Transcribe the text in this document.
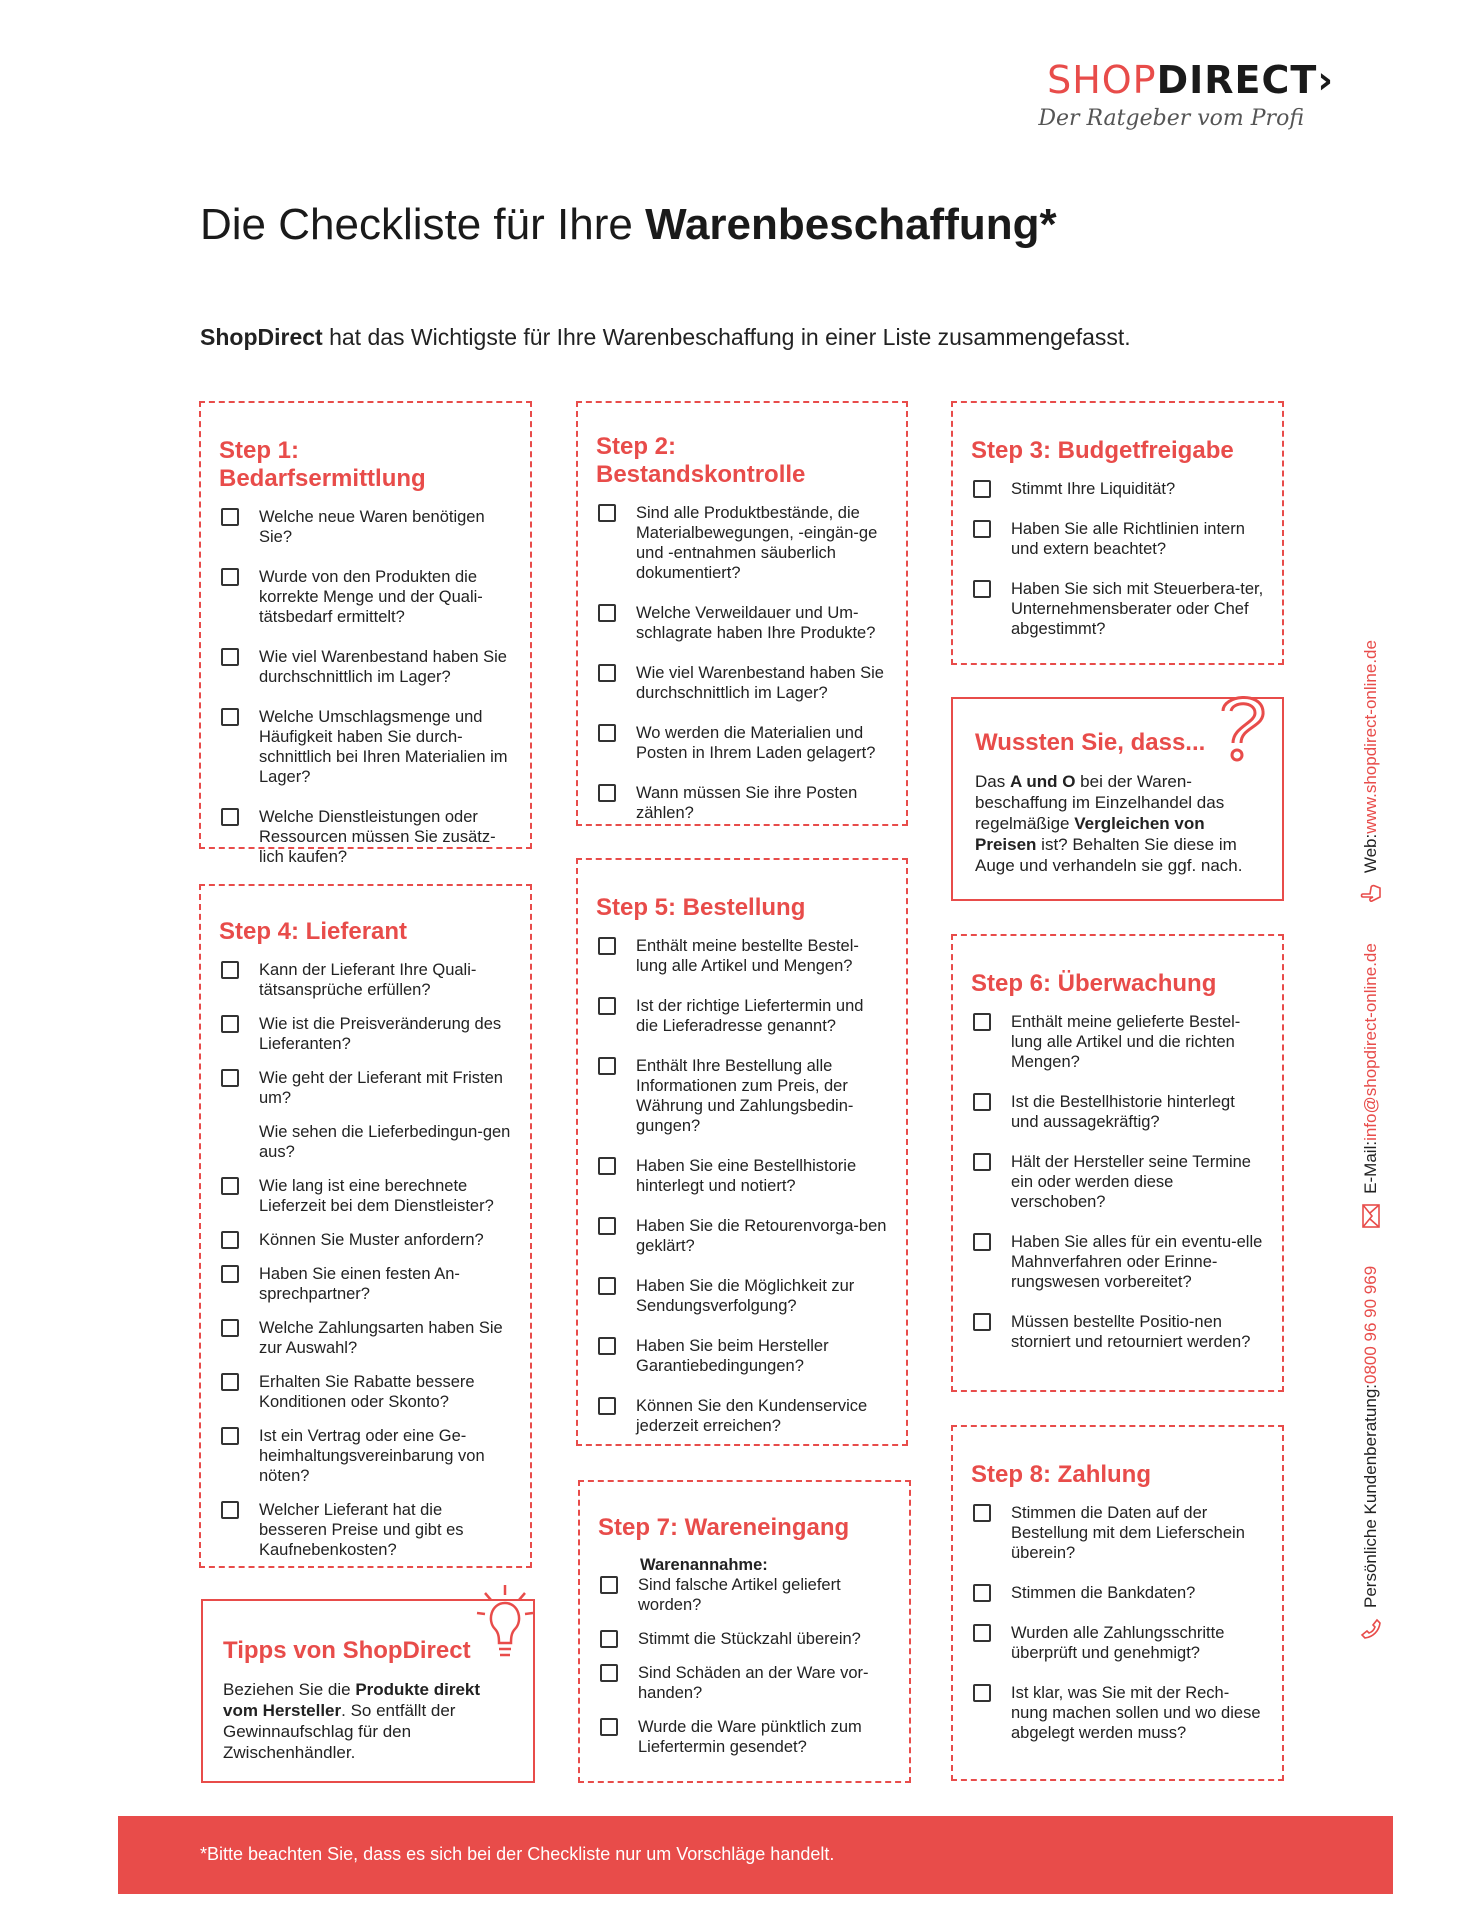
SHOPDIRECT›
Der Ratgeber vom Profi
Die Checkliste für Ihre Warenbeschaffung*
ShopDirect hat das Wichtigste für Ihre Warenbeschaffung in einer Liste zusammengefasst.
Step 1: Bedarfsermittlung
Welche neue Waren benötigen Sie?
Wurde von den Produkten die korrekte Menge und der Quali-tätsbedarf ermittelt?
Wie viel Warenbestand haben Sie durchschnittlich im Lager?
Welche Umschlagsmenge und Häufigkeit haben Sie durch-schnittlich bei Ihren Materialien im Lager?
Welche Dienstleistungen oder Ressourcen müssen Sie zusätz-lich kaufen?
Step 2: Bestandskontrolle
Sind alle Produktbestände, die Materialbewegungen, -eingän-ge und -entnahmen säuberlich dokumentiert?
Welche Verweildauer und Um-schlagrate haben Ihre Produkte?
Wie viel Warenbestand haben Sie durchschnittlich im Lager?
Wo werden die Materialien und Posten in Ihrem Laden gelagert?
Wann müssen Sie ihre Posten zählen?
Step 3: Budgetfreigabe
Stimmt Ihre Liquidität?
Haben Sie alle Richtlinien intern und extern beachtet?
Haben Sie sich mit Steuerbera-ter, Unternehmensberater oder Chef abgestimmt?
Wussten Sie, dass...

Das A und O bei der Waren-beschaffung im Einzelhandel das regelmäßige Vergleichen von Preisen ist? Behalten Sie diese im Auge und verhandeln sie ggf. nach.

Step 4: Lieferant
Kann der Lieferant Ihre Quali-tätsansprüche erfüllen?
Wie ist die Preisveränderung des Lieferanten?
Wie geht der Lieferant mit Fristen um?
Wie sehen die Lieferbedingun-gen aus?
Wie lang ist eine berechnete Lieferzeit bei dem Dienstleister?
Können Sie Muster anfordern?
Haben Sie einen festen An-sprechpartner?
Welche Zahlungsarten haben Sie zur Auswahl?
Erhalten Sie Rabatte bessere Konditionen oder Skonto?
Ist ein Vertrag oder eine Ge-heimhaltungsvereinbarung von nöten?
Welcher Lieferant hat die besseren Preise und gibt es Kaufnebenkosten?
Step 5: Bestellung
Enthält meine bestellte Bestel-lung alle Artikel und Mengen?
Ist der richtige Liefertermin und die Lieferadresse genannt?
Enthält Ihre Bestellung alle Informationen zum Preis, der Währung und Zahlungsbedin-gungen?
Haben Sie eine Bestellhistorie hinterlegt und notiert?
Haben Sie die Retourenvorga-ben geklärt?
Haben Sie die Möglichkeit zur Sendungsverfolgung?
Haben Sie beim Hersteller Garantiebedingungen?
Können Sie den Kundenservice jederzeit erreichen?
Step 6: Überwachung
Enthält meine gelieferte Bestel-lung alle Artikel und die richten Mengen?
Ist die Bestellhistorie hinterlegt und aussagekräftig?
Hält der Hersteller seine Termine ein oder werden diese verschoben?
Haben Sie alles für ein eventu-elle Mahnverfahren oder Erinne-rungswesen vorbereitet?
Müssen bestellte Positio-nen storniert und retourniert werden?
Tipps von ShopDirect

Beziehen Sie die Produkte direkt vom Hersteller. So entfällt der Gewinnaufschlag für den Zwischenhändler.

Step 7: Wareneingang
Warenannahme:
Sind falsche Artikel geliefert worden?
Stimmt die Stückzahl überein?
Sind Schäden an der Ware vor-handen?
Wurde die Ware pünktlich zum Liefertermin gesendet?
Step 8: Zahlung
Stimmen die Daten auf der Bestellung mit dem Lieferschein überein?
Stimmen die Bankdaten?
Wurden alle Zahlungsschritte überprüft und genehmigt?
Ist klar, was Sie mit der Rech-nung machen sollen und wo diese abgelegt werden muss?
Persönliche Kundenberatung:
0800 96 90 969
E-Mail:
info@shopdirect-online.de
Web:
www.shopdirect-online.de
*Bitte beachten Sie, dass es sich bei der Checkliste nur um Vorschläge handelt.
